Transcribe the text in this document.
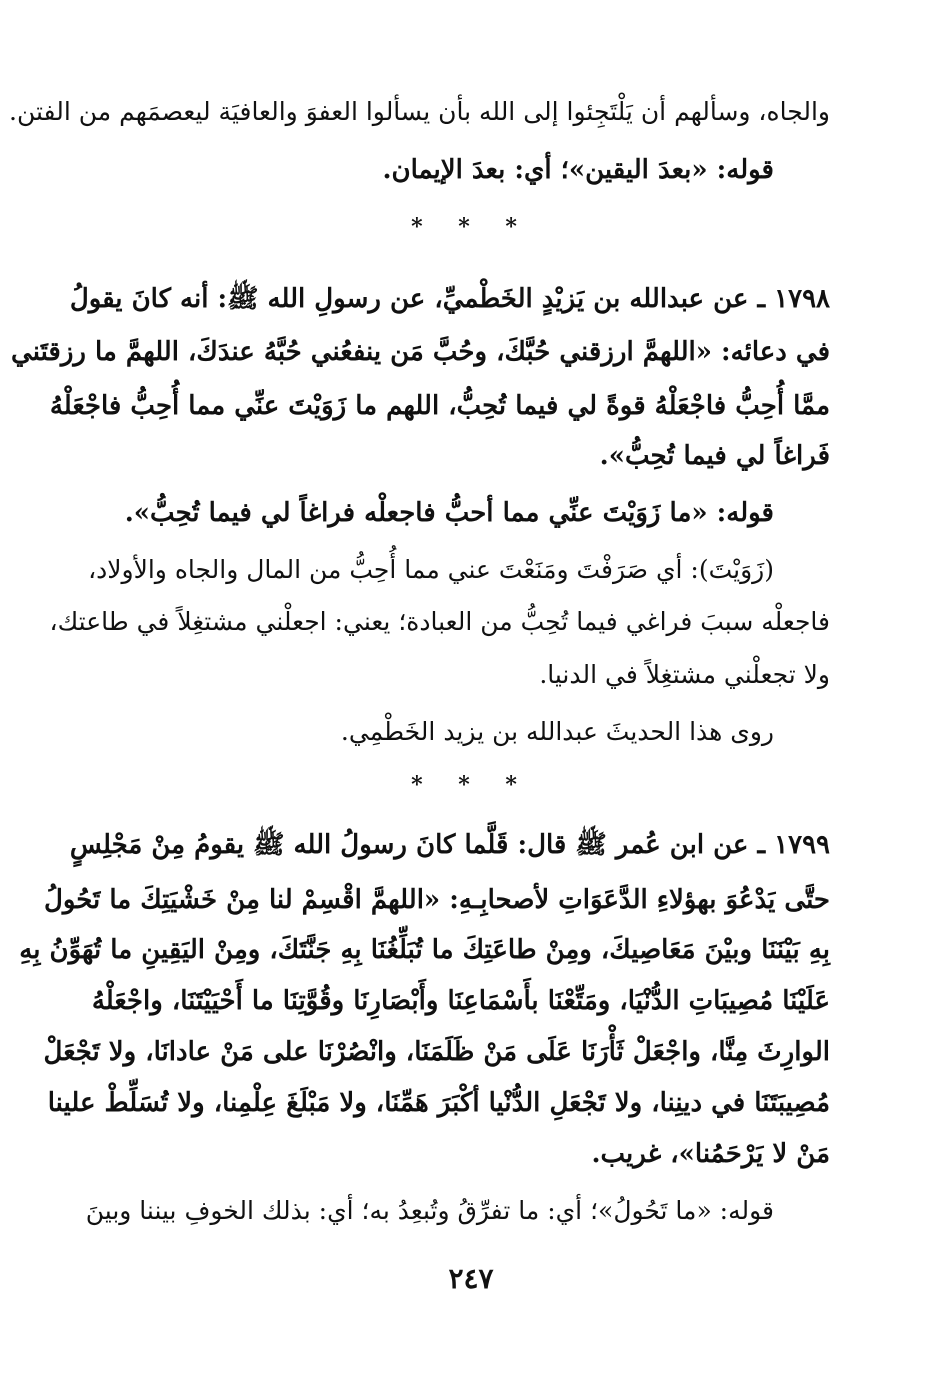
والجاه، وسألهم أن يَلْتَجِئوا إلى الله بأن يسألوا العفوَ والعافيَة ليعصمَهم من الفتن.
قوله: «بعدَ اليقين»؛ أي: بعدَ الإيمان.
* * *
١٧٩٨ ـ عن عبدالله بن يَزيْدٍ الخَطْميِّ، عن رسولِ الله ﷺ: أنه كانَ يقولُ
في دعائه: «اللهمَّ ارزقني حُبَّكَ، وحُبَّ مَن ينفعُني حُبَّهُ عندَكَ، اللهمَّ ما رزقتَني
ممَّا أُحِبُّ فاجْعَلْهُ قوةً لي فيما تُحِبُّ، اللهم ما زَوَيْتَ عنِّي مما أُحِبُّ فاجْعَلْهُ
فَراغاً لي فيما تُحِبُّ».
قوله: «ما زَوَيْتَ عنِّي مما أحبُّ فاجعلْه فراغاً لي فيما تُحِبُّ».
(زَوَيْتَ): أي صَرَفْتَ ومَنَعْتَ عني مما أُحِبُّ من المال والجاه والأولاد،
فاجعلْه سببَ فراغي فيما تُحِبُّ من العبادة؛ يعني: اجعلْني مشتغِلاً في طاعتك،
ولا تجعلْني مشتغِلاً في الدنيا.
روى هذا الحديثَ عبدالله بن يزيد الخَطْمِي.
* * *
١٧٩٩ ـ عن ابن عُمر ﷺ قال: قَلَّما كانَ رسولُ الله ﷺ يقومُ مِنْ مَجْلِسٍ
حتَّى يَدْعُوَ بهؤلاءِ الدَّعَوَاتِ لأصحابِـهِ: «اللهمَّ اقْسِمْ لنا مِنْ خَشْيَتِكَ ما تَحُولُ
بِهِ بَيْنَنَا وبيْنَ مَعَاصِيكَ، ومِنْ طاعَتِكَ ما تُبَلِّغُنَا بِهِ جَنَّتَكَ، ومِنْ اليَقِينِ ما تُهَوِّنُ بِهِ
عَلَيْنَا مُصِيبَاتِ الدُّنْيَا، ومَتِّعْنَا بأَسْمَاعِنَا وأَبْصَارِنَا وقُوَّتِنَا ما أَحْيَيْتَنَا، واجْعَلْهُ
الوارِثَ مِنَّا، واجْعَلْ ثَأْرَنَا عَلَى مَنْ ظَلَمَنَا، وانْصُرْنَا على مَنْ عادانَا، ولا تَجْعَلْ
مُصِيبَتَنَا في دينِنا، ولا تَجْعَلِ الدُّنْيا أكْبَرَ هَمِّنَا، ولا مَبْلَغَ عِلْمِنا، ولا تُسَلِّطْ علينا
مَنْ لا يَرْحَمُنا»، غريب.
قوله: «ما تَحُولُ»؛ أي: ما تفرِّقُ وتُبعِدُ به؛ أي: بذلك الخوفِ بيننا وبينَ
٢٤٧
